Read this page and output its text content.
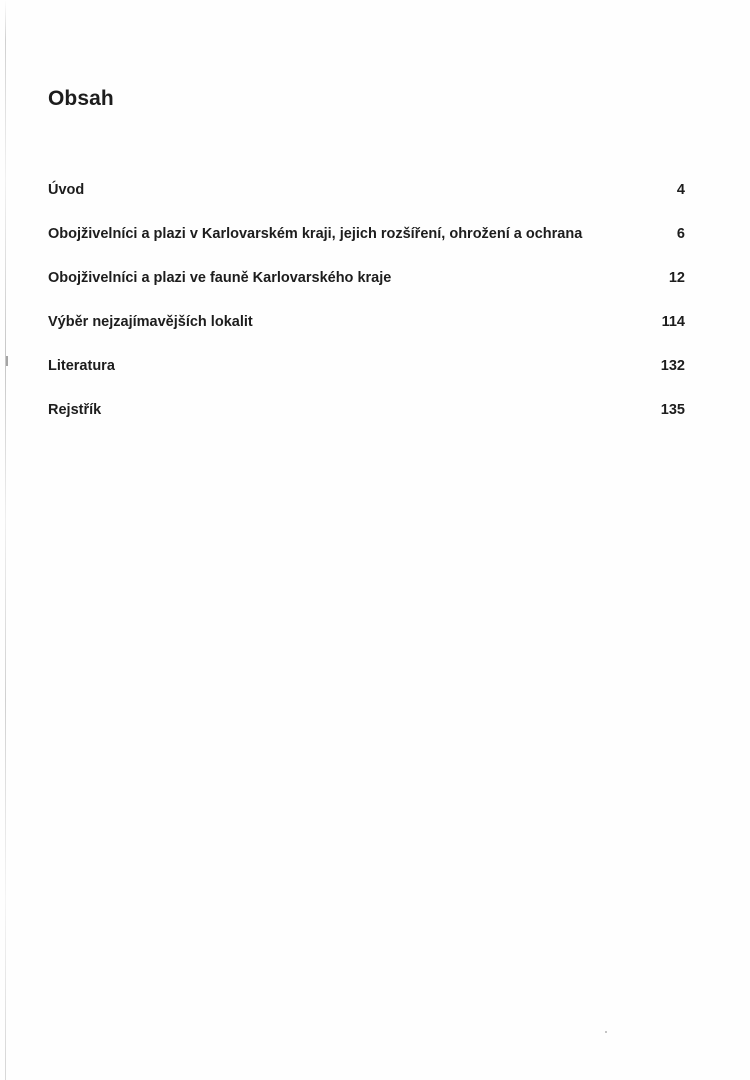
Obsah
Úvod	4
Obojživelníci a plazi v Karlovarském kraji, jejich rozšíření, ohrožení a ochrana	6
Obojživelníci a plazi ve fauně Karlovarského kraje	12
Výběr nejzajímavějších lokalit	114
Literatura	132
Rejstřík	135
